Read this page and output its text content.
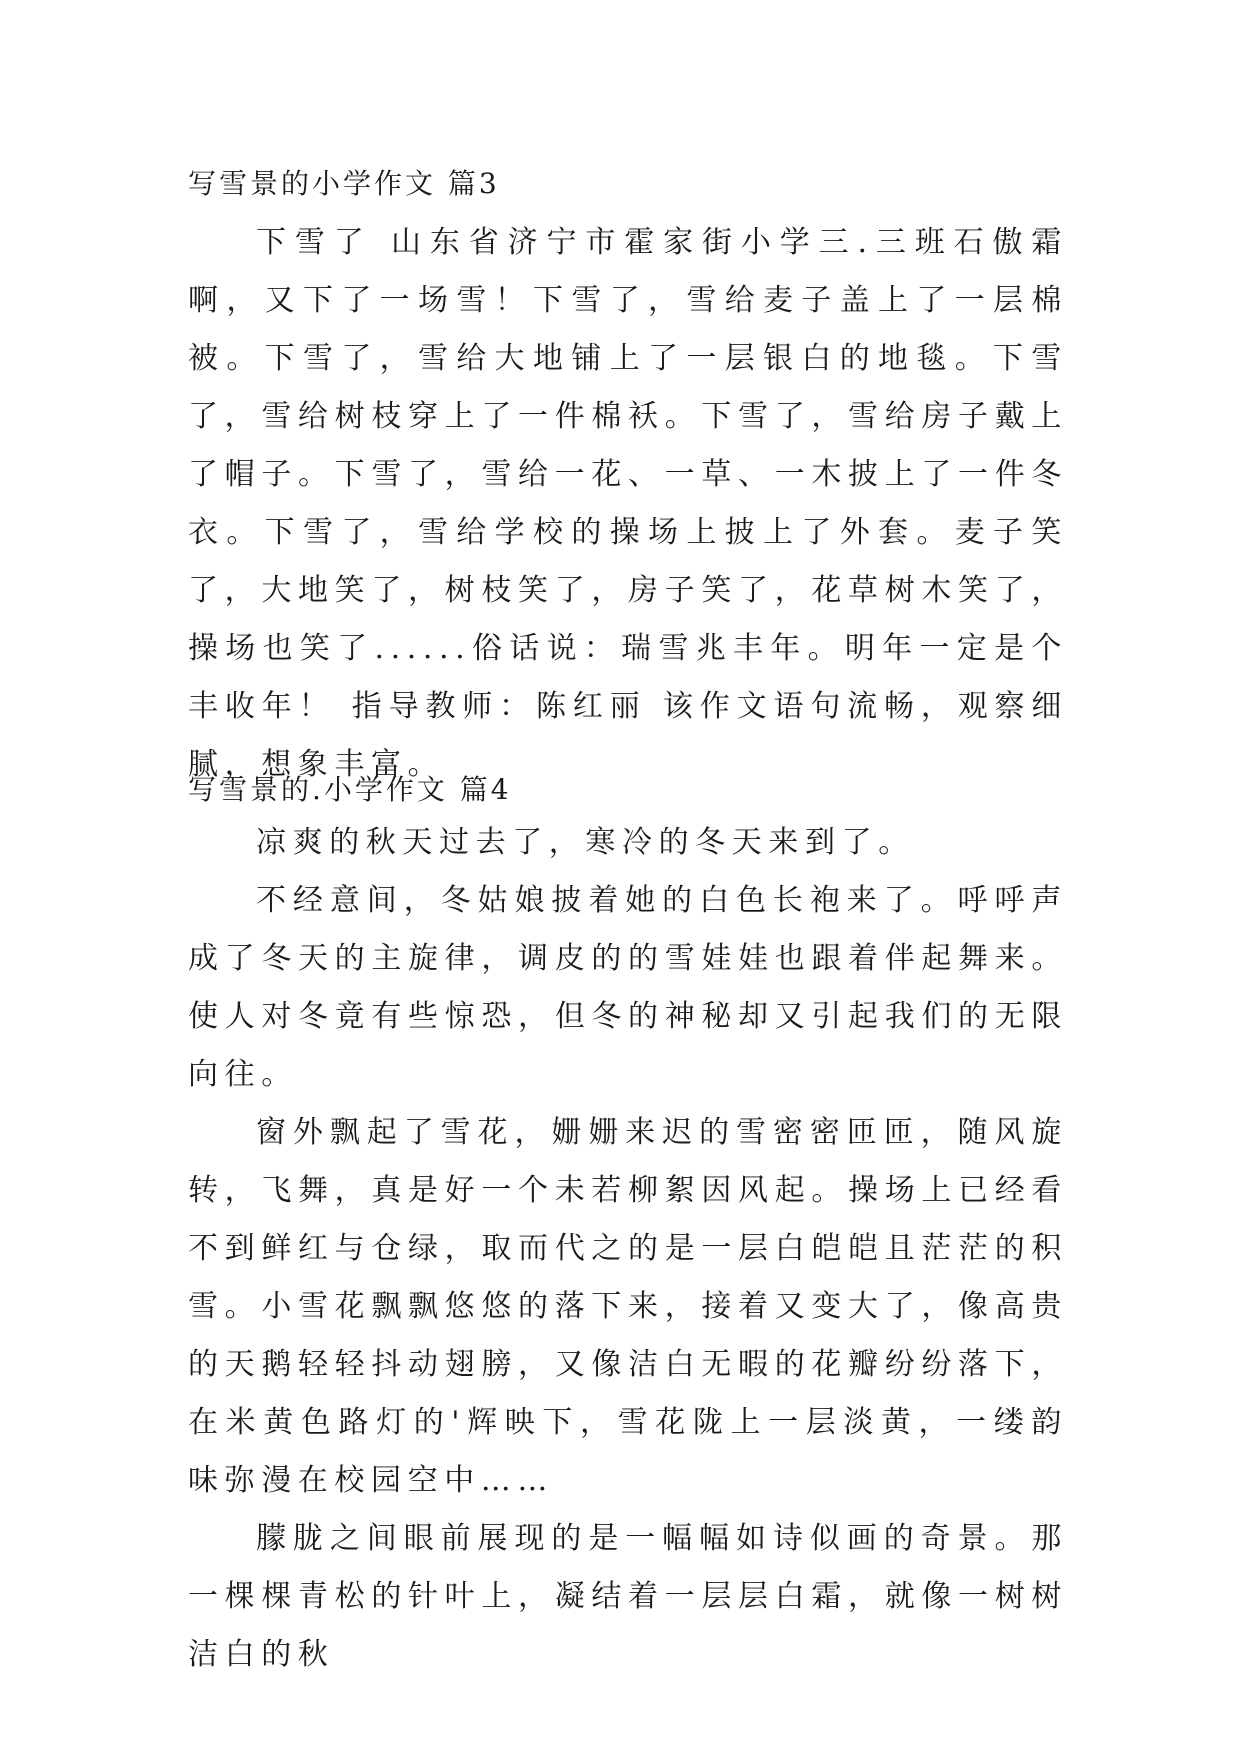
写雪景的小学作文 篇3

下雪了 山东省济宁市霍家街小学三.三班石傲霜啊，又下了一场雪！下雪了，雪给麦子盖上了一层棉被。下雪了，雪给大地铺上了一层银白的地毯。下雪了，雪给树枝穿上了一件棉袄。下雪了，雪给房子戴上了帽子。下雪了，雪给一花、一草、一木披上了一件冬衣。下雪了，雪给学校的操场上披上了外套。麦子笑了，大地笑了，树枝笑了，房子笑了，花草树木笑了，操场也笑了......俗话说：瑞雪兆丰年。明年一定是个丰收年！ 指导教师：陈红丽 该作文语句流畅，观察细腻，想象丰富。

写雪景的.小学作文 篇4

凉爽的秋天过去了，寒冷的冬天来到了。

不经意间，冬姑娘披着她的白色长袍来了。呼呼声成了冬天的主旋律，调皮的的雪娃娃也跟着伴起舞来。使人对冬竟有些惊恐，但冬的神秘却又引起我们的无限向往。

窗外飘起了雪花，姗姗来迟的雪密密匝匝，随风旋转，飞舞，真是好一个未若柳絮因风起。操场上已经看不到鲜红与仓绿，取而代之的是一层白皑皑且茫茫的积雪。小雪花飘飘悠悠的落下来，接着又变大了，像高贵的天鹅轻轻抖动翅膀，又像洁白无暇的花瓣纷纷落下，在米黄色路灯的'辉映下，雪花陇上一层淡黄，一缕韵味弥漫在校园空中……

朦胧之间眼前展现的是一幅幅如诗似画的奇景。那一棵棵青松的针叶上，凝结着一层层白霜，就像一树树洁白的秋
